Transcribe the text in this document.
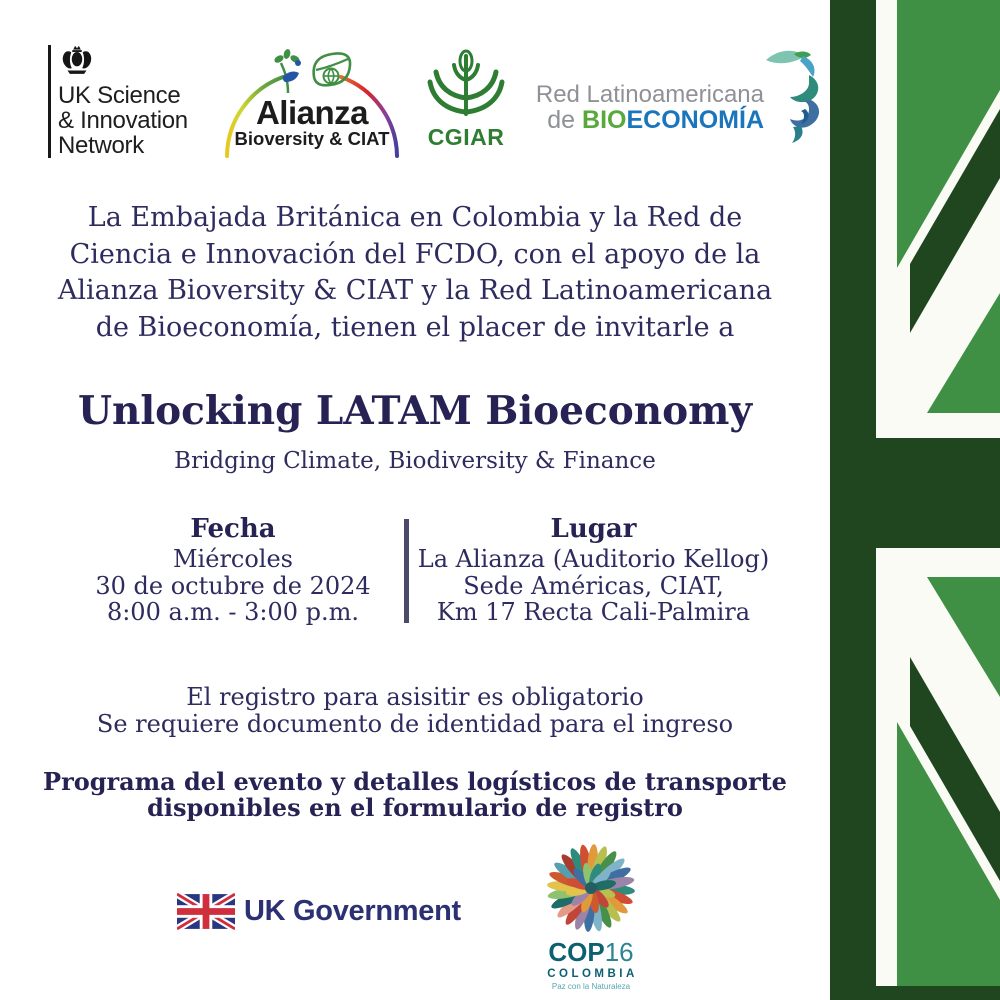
UK Science
& Innovation
Network
Alianza
Bioversity & CIAT	CGIAR
Red Latinoamericana
de BIOECONOMÍA
La Embajada Británica en Colombia y la Red de
Ciencia e Innovación del FCDO, con el apoyo de la
Alianza Bioversity & CIAT y la Red Latinoamericana
de Bioeconomía, tienen el placer de invitarle a
Unlocking LATAM Bioeconomy
Bridging Climate, Biodiversity & Finance
Fecha
Miércoles
30 de octubre de 2024
8:00 a.m. - 3:00 p.m.
Lugar
La Alianza (Auditorio Kellog)
Sede Américas, CIAT,
Km 17 Recta Cali-Palmira
El registro para asisitir es obligatorio
Se requiere documento de identidad para el ingreso
Programa del evento y detalles logísticos de transporte
disponibles en el formulario de registro
UK Government
COP16
COLOMBIA
Paz con la Naturaleza
